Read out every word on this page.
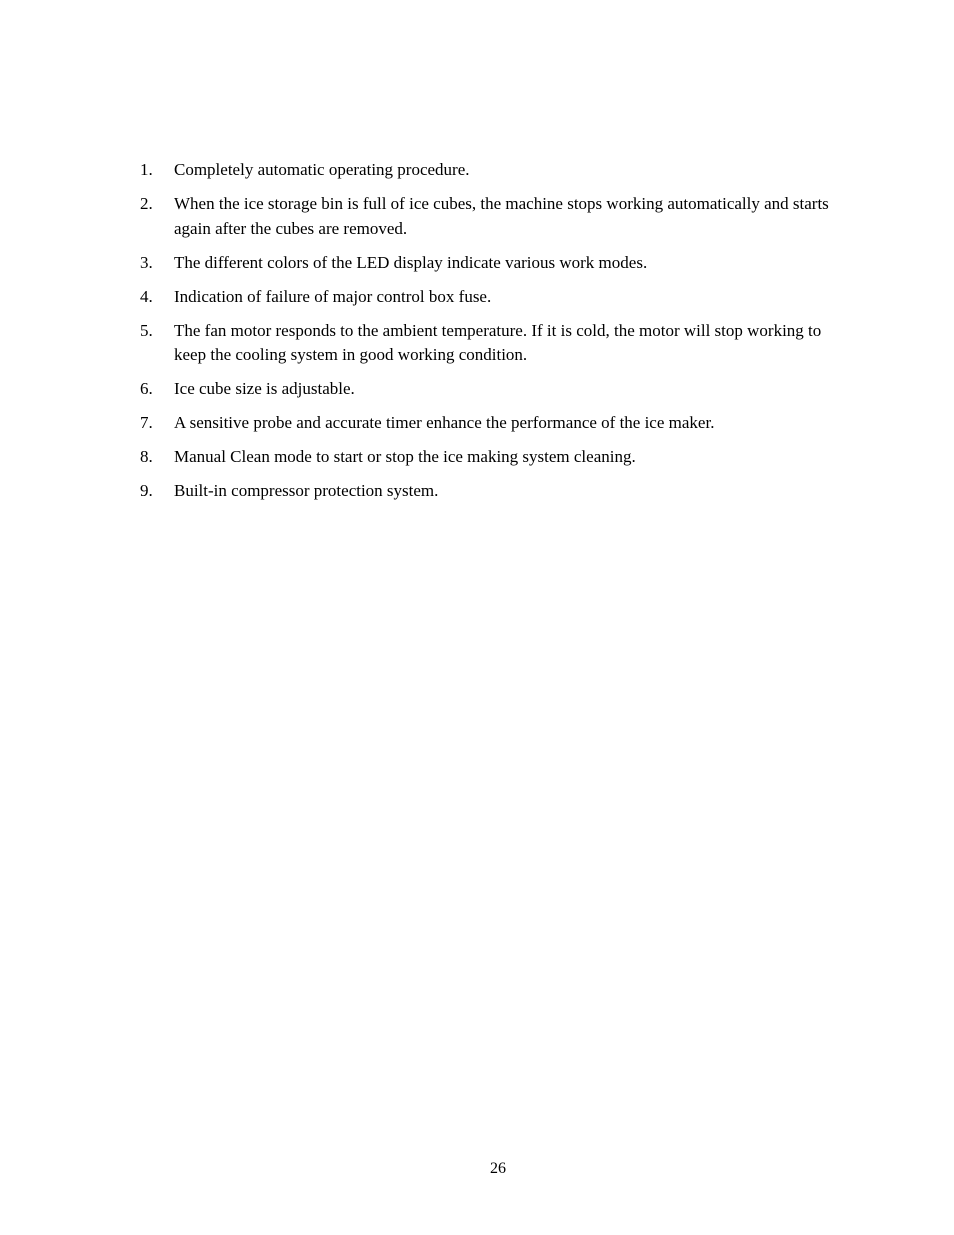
1. Completely automatic operating procedure.
2. When the ice storage bin is full of ice cubes, the machine stops working automatically and starts again after the cubes are removed.
3. The different colors of the LED display indicate various work modes.
4. Indication of failure of major control box fuse.
5. The fan motor responds to the ambient temperature. If it is cold, the motor will stop working to keep the cooling system in good working condition.
6. Ice cube size is adjustable.
7. A sensitive probe and accurate timer enhance the performance of the ice maker.
8. Manual Clean mode to start or stop the ice making system cleaning.
9. Built-in compressor protection system.
26
